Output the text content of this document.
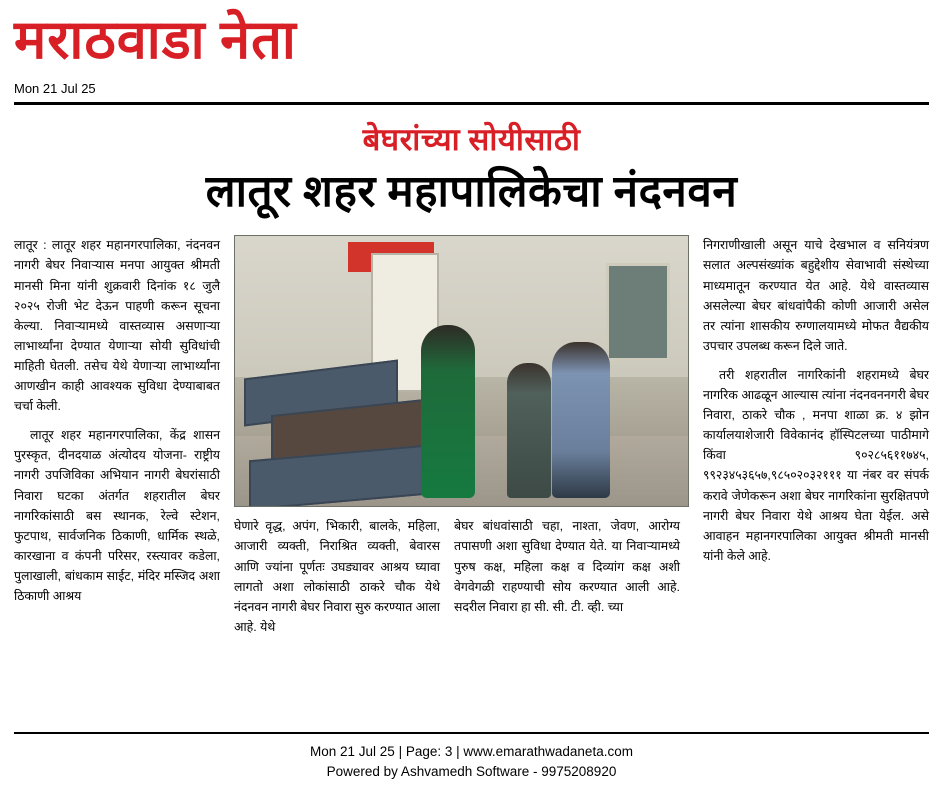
मराठवाडा नेता
Mon 21 Jul 25
बेघरांच्या सोयीसाठी
लातूर शहर महापालिकेचा नंदनवन

लातूर : लातूर शहर महानगरपालिका, नंदनवन नागरी बेघर निवाऱ्यास मनपा आयुक्त श्रीमती मानसी मिना यांनी शुक्रवारी दिनांक १८ जुलै २०२५ रोजी भेट देऊन पाहणी करून सूचना केल्या. निवाऱ्यामध्ये वास्तव्यास असणाऱ्या लाभार्थ्यांना देण्यात येणाऱ्या सोयी सुविधांची माहिती घेतली. तसेच येथे येणाऱ्या लाभार्थ्यांना आणखीन काही आवश्यक सुविधा देण्याबाबत चर्चा केली.

लातूर शहर महानगरपालिका, केंद्र शासन पुरस्कृत, दीनदयाळ अंत्योदय योजना- राष्ट्रीय नागरी उपजिविका अभियान नागरी बेघरांसाठी निवारा घटका अंतर्गत शहरातील बेघर नागरिकांसाठी बस स्थानक, रेल्वे स्टेशन, फुटपाथ, सार्वजनिक ठिकाणी, धार्मिक स्थळे, कारखाना व कंपनी परिसर, रस्त्यावर कडेला, पुलाखाली, बांधकाम साईट, मंदिर मस्जिद अशा ठिकाणी आश्रय

घेणारे वृद्ध, अपंग, भिकारी, बालके, महिला, आजारी व्यक्ती, निराश्रित व्यक्ती, बेवारस आणि ज्यांना पूर्णतः उघड्यावर आश्रय घ्यावा लागतो अशा लोकांसाठी ठाकरे चौक येथे नंदनवन नागरी बेघर निवारा सुरु करण्यात आला आहे. येथे

बेघर बांधवांसाठी चहा, नाश्ता, जेवण, आरोग्य तपासणी अशा सुविधा देण्यात येते. या निवाऱ्यामध्ये पुरुष कक्ष, महिला कक्ष व दिव्यांग कक्ष अशी वेगवेगळी राहण्याची सोय करण्यात आली आहे. सदरील निवारा हा सी. सी. टी. व्ही. च्या

निगराणीखाली असून याचे देखभाल व सनियंत्रण सलात अल्पसंख्यांक बहुद्देशीय सेवाभावी संस्थेच्या माध्यमातून करण्यात येत आहे. येथे वास्तव्यास असलेल्या बेघर बांधवांपैकी कोणी आजारी असेल तर त्यांना शासकीय रुग्णालयामध्ये मोफत वैद्यकीय उपचार उपलब्ध करून दिले जाते.

तरी शहरातील नागरिकांनी शहरामध्ये बेघर नागरिक आढळून आल्यास त्यांना नंदनवननगरी बेघर निवारा, ठाकरे चौक , मनपा शाळा क्र. ४ झोन कार्यालयाशेजारी विवेकानंद हॉस्पिटलच्या पाठीमागे किंवा ९०२८५६११७४५, ९९२३४५३६५७,९८५०२०३२१११ या नंबर वर संपर्क करावे जेणेकरून अशा बेघर नागरिकांना सुरक्षितपणे नागरी बेघर निवारा येथे आश्रय घेता येईल. असे आवाहन महानगरपालिका आयुक्त श्रीमती मानसी यांनी केले आहे.

Mon 21 Jul 25 | Page: 3 | www.emarathwadaneta.com
Powered by Ashvamedh Software - 9975208920
